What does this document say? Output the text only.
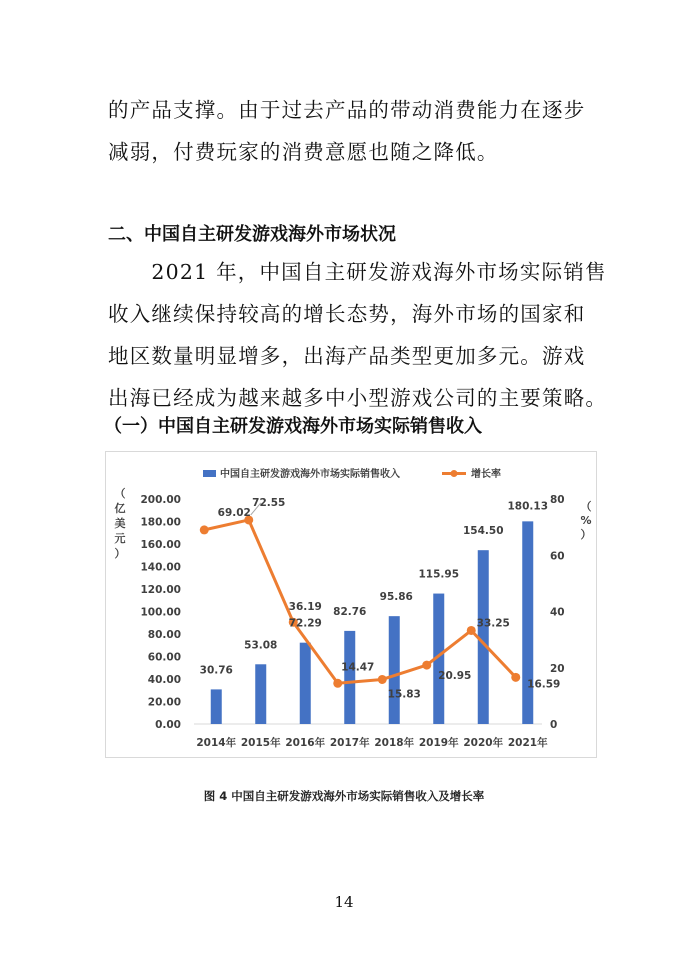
的产品支撑。由于过去产品的带动消费能力在逐步
减弱，付费玩家的消费意愿也随之降低。
二、中国自主研发游戏海外市场状况
　　2021 年，中国自主研发游戏海外市场实际销售
收入继续保持较高的增长态势，海外市场的国家和
地区数量明显增多，出海产品类型更加多元。游戏
出海已经成为越来越多中小型游戏公司的主要策略。
（一）中国自主研发游戏海外市场实际销售收入
中国自主研发游戏海外市场实际销售收入	增长率
（
亿
美
元
）
（
%
）
0.00
20.00
40.00
60.00
80.00
100.00
120.00
140.00
160.00
180.00
200.00
0
20
40
60
80
2014年 2015年 2016年 2017年 2018年 2019年 2020年 2021年
30.76
53.08
72.29
82.76
95.86
115.95
154.50
180.13
69.02
72.55
36.19
14.47
15.83
20.95
33.25
16.59
图 4 中国自主研发游戏海外市场实际销售收入及增长率
14
